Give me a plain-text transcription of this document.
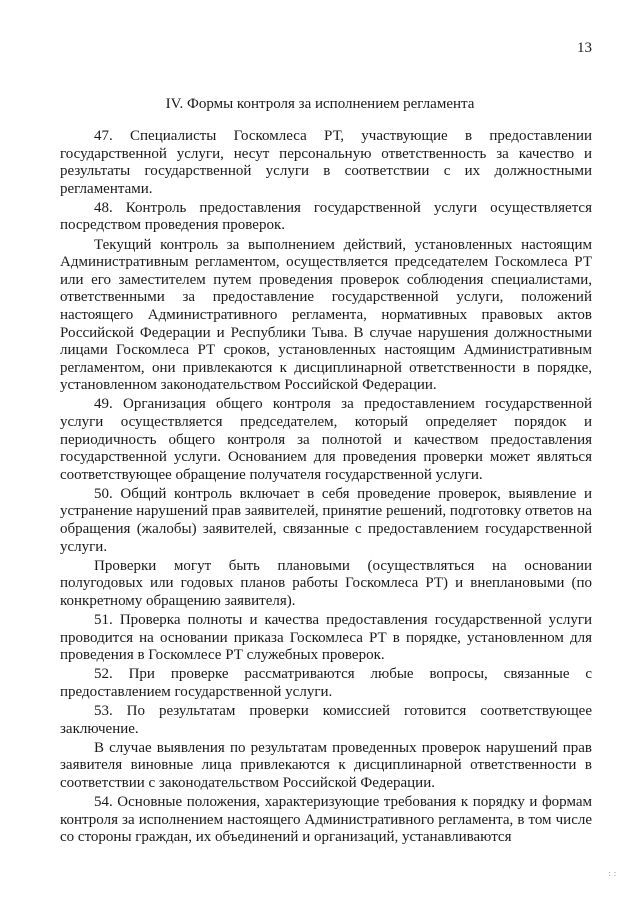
13
IV. Формы контроля за исполнением регламента

47. Специалисты Госкомлеса РТ, участвующие в предоставлении государственной услуги, несут персональную ответственность за качество и результаты государственной услуги в соответствии с их должностными регламентами.

48. Контроль предоставления государственной услуги осуществляется посредством проведения проверок.

Текущий контроль за выполнением действий, установленных настоящим Административным регламентом, осуществляется председателем Госкомлеса РТ или его заместителем путем проведения проверок соблюдения специалистами, ответственными за предоставление государственной услуги, положений настоящего Административного регламента, нормативных правовых актов Российской Федерации и Республики Тыва. В случае нарушения должностными лицами Госкомлеса РТ сроков, установленных настоящим Административным регламентом, они привлекаются к дисциплинарной ответственности в порядке, установленном законодательством Российской Федерации.

49. Организация общего контроля за предоставлением государственной услуги осуществляется председателем, который определяет порядок и периодичность общего контроля за полнотой и качеством предоставления государственной услуги. Основанием для проведения проверки может являться соответствующее обращение получателя государственной услуги.

50. Общий контроль включает в себя проведение проверок, выявление и устранение нарушений прав заявителей, принятие решений, подготовку ответов на обращения (жалобы) заявителей, связанные с предоставлением государственной услуги.

Проверки могут быть плановыми (осуществляться на основании полугодовых или годовых планов работы Госкомлеса РТ) и внеплановыми (по конкретному обращению заявителя).

51. Проверка полноты и качества предоставления государственной услуги проводится на основании приказа Госкомлеса РТ в порядке, установленном для проведения в Госкомлесе РТ служебных проверок.

52. При проверке рассматриваются любые вопросы, связанные с предоставлением государственной услуги.

53. По результатам проверки комиссией готовится соответствующее заключение.

В случае выявления по результатам проведенных проверок нарушений прав заявителя виновные лица привлекаются к дисциплинарной ответственности в соответствии с законодательством Российской Федерации.

54. Основные положения, характеризующие требования к порядку и формам контроля за исполнением настоящего Административного регламента, в том числе со стороны граждан, их объединений и организаций, устанавливаются

⁚⁚
